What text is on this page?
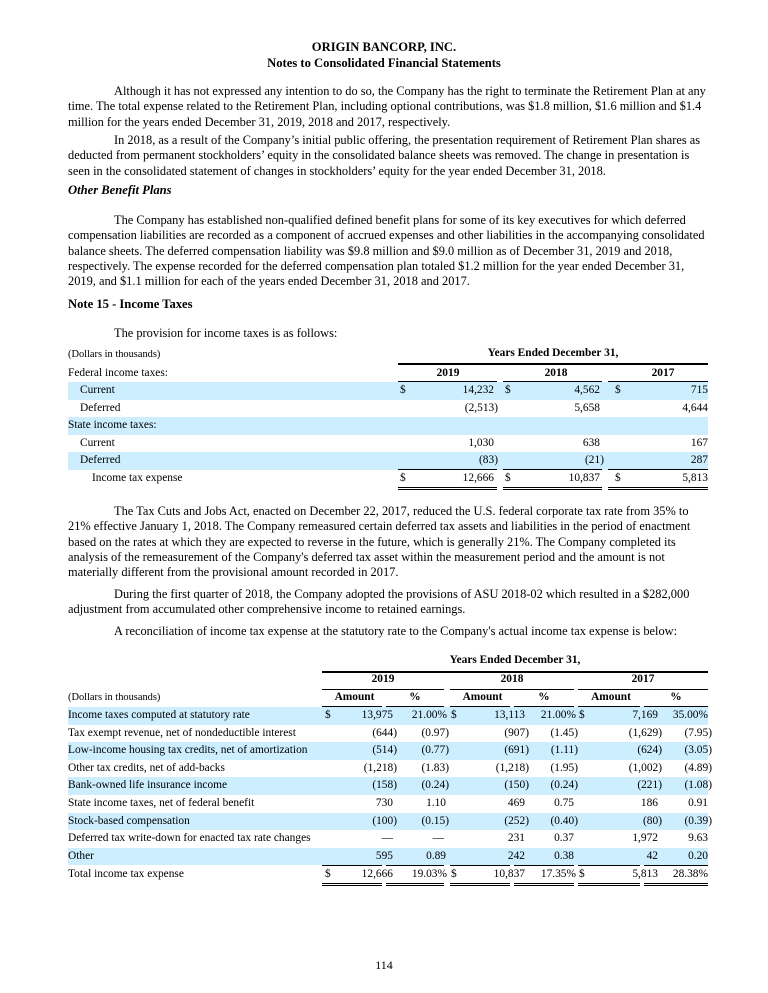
ORIGIN BANCORP, INC.
Notes to Consolidated Financial Statements
Although it has not expressed any intention to do so, the Company has the right to terminate the Retirement Plan at any time. The total expense related to the Retirement Plan, including optional contributions, was $1.8 million, $1.6 million and $1.4 million for the years ended December 31, 2019, 2018 and 2017, respectively.
In 2018, as a result of the Company’s initial public offering, the presentation requirement of Retirement Plan shares as deducted from permanent stockholders’ equity in the consolidated balance sheets was removed. The change in presentation is seen in the consolidated statement of changes in stockholders’ equity for the year ended December 31, 2018.
Other Benefit Plans
The Company has established non-qualified defined benefit plans for some of its key executives for which deferred compensation liabilities are recorded as a component of accrued expenses and other liabilities in the accompanying consolidated balance sheets. The deferred compensation liability was $9.8 million and $9.0 million as of December 31, 2019 and 2018, respectively. The expense recorded for the deferred compensation plan totaled $1.2 million for the year ended December 31, 2019, and $1.1 million for each of the years ended December 31, 2018 and 2017.
Note 15 - Income Taxes
The provision for income taxes is as follows:
(Dollars in thousands)	Years Ended December 31,
Federal income taxes:	2019	2018	2017
Current	$	14,232 $	4,562 $	715
Deferred	(2,513)	5,658	4,644
State income taxes:
Current	1,030	638	167
Deferred	(83)	(21)	287
Income tax expense	$	12,666 $	10,837 $	5,813
The Tax Cuts and Jobs Act, enacted on December 22, 2017, reduced the U.S. federal corporate tax rate from 35% to 21% effective January 1, 2018. The Company remeasured certain deferred tax assets and liabilities in the period of enactment based on the rates at which they are expected to reverse in the future, which is generally 21%. The Company completed its analysis of the remeasurement of the Company's deferred tax asset within the measurement period and the amount is not materially different from the provisional amount recorded in 2017.
During the first quarter of 2018, the Company adopted the provisions of ASU 2018-02 which resulted in a $282,000 adjustment from accumulated other comprehensive income to retained earnings.
A reconciliation of income tax expense at the statutory rate to the Company's actual income tax expense is below:
Years Ended December 31,
2019	2018	2017
(Dollars in thousands)	Amount	%	Amount	%	Amount	%
Income taxes computed at statutory rate	$	13,975	21.00% $	13,113	21.00% $	7,169	35.00%
Tax exempt revenue, net of nondeductible interest	(644)	(0.97)	(907)	(1.45)	(1,629)	(7.95)
Low-income housing tax credits, net of amortization	(514)	(0.77)	(691)	(1.11)	(624)	(3.05)
Other tax credits, net of add-backs	(1,218)	(1.83)	(1,218)	(1.95)	(1,002)	(4.89)
Bank-owned life insurance income	(158)	(0.24)	(150)	(0.24)	(221)	(1.08)
State income taxes, net of federal benefit	730	1.10	469	0.75	186	0.91
Stock-based compensation	(100)	(0.15)	(252)	(0.40)	(80)	(0.39)
Deferred tax write-down for enacted tax rate changes	—	—	231	0.37	1,972	9.63
Other	595	0.89	242	0.38	42	0.20
Total income tax expense	$	12,666	19.03% $	10,837	17.35% $	5,813	28.38%
114
